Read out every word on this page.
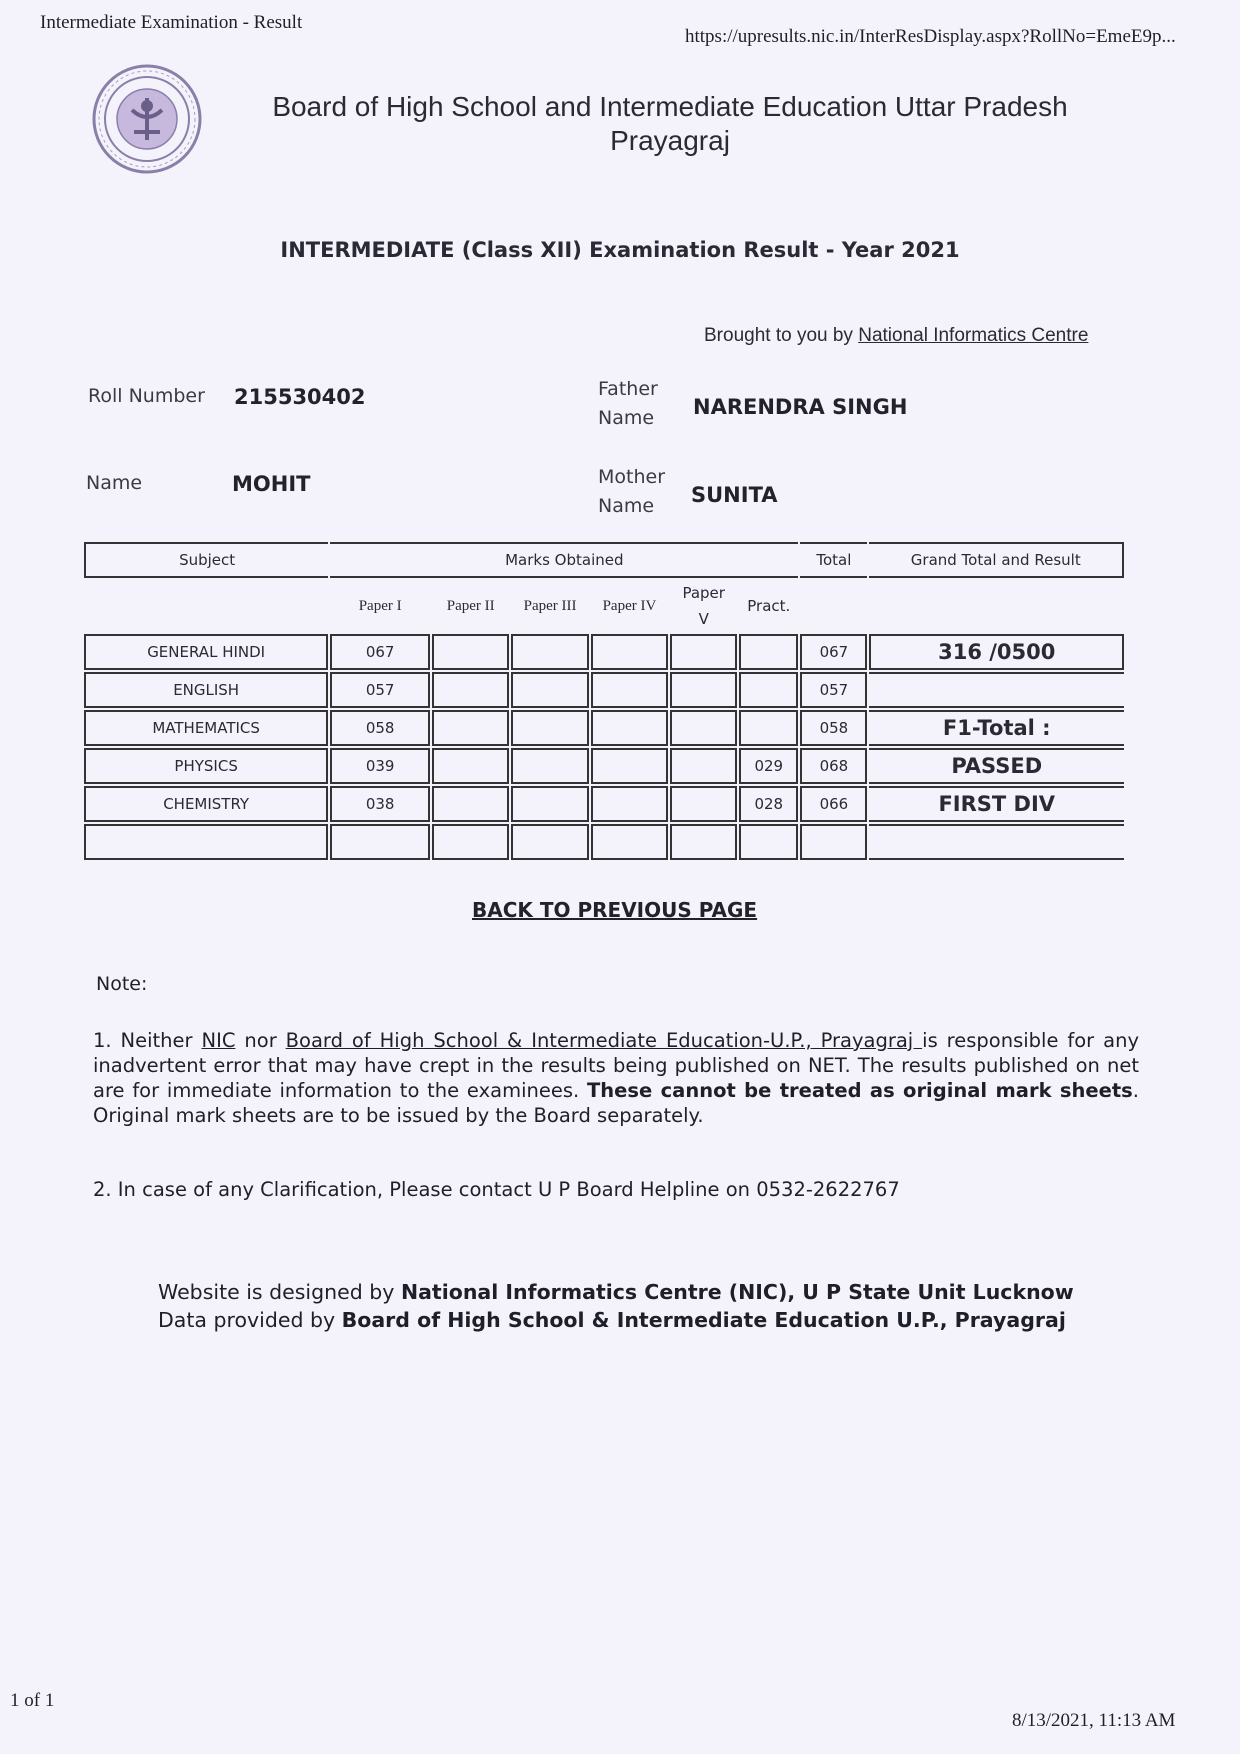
Intermediate Examination - Result
https://upresults.nic.in/InterResDisplay.aspx?RollNo=EmeE9p...
Board of High School and Intermediate Education Uttar Pradesh
Prayagraj
INTERMEDIATE (Class XII) Examination Result - Year 2021
Brought to you by National Informatics Centre
Roll Number 215530402	Father
Name NARENDRA SINGH
Name	MOHIT	Mother
Name	SUNITA
Subject	Marks Obtained						Total	Grand Total and Result
	Paper I	Paper II	Paper III	Paper IV	Paper
V	Pract.		
GENERAL HINDI	067						067	316 /0500
ENGLISH	057						057	
MATHEMATICS	058						058	F1-Total :
PHYSICS	039					029	068	PASSED
CHEMISTRY	038					028	066	FIRST DIV

BACK TO PREVIOUS PAGE
Note:
1. Neither NIC nor Board of High School & Intermediate Education-U.P., Prayagraj is responsible for any inadvertent error that may have crept in the results being published on NET. The results published on net are for immediate information to the examinees. These cannot be treated as original mark sheets. Original mark sheets are to be issued by the Board separately.
2. In case of any Clarification, Please contact U P Board Helpline on 0532-2622767
Website is designed by National Informatics Centre (NIC), U P State Unit Lucknow
Data provided by Board of High School & Intermediate Education U.P., Prayagraj
1 of 1
8/13/2021, 11:13 AM
